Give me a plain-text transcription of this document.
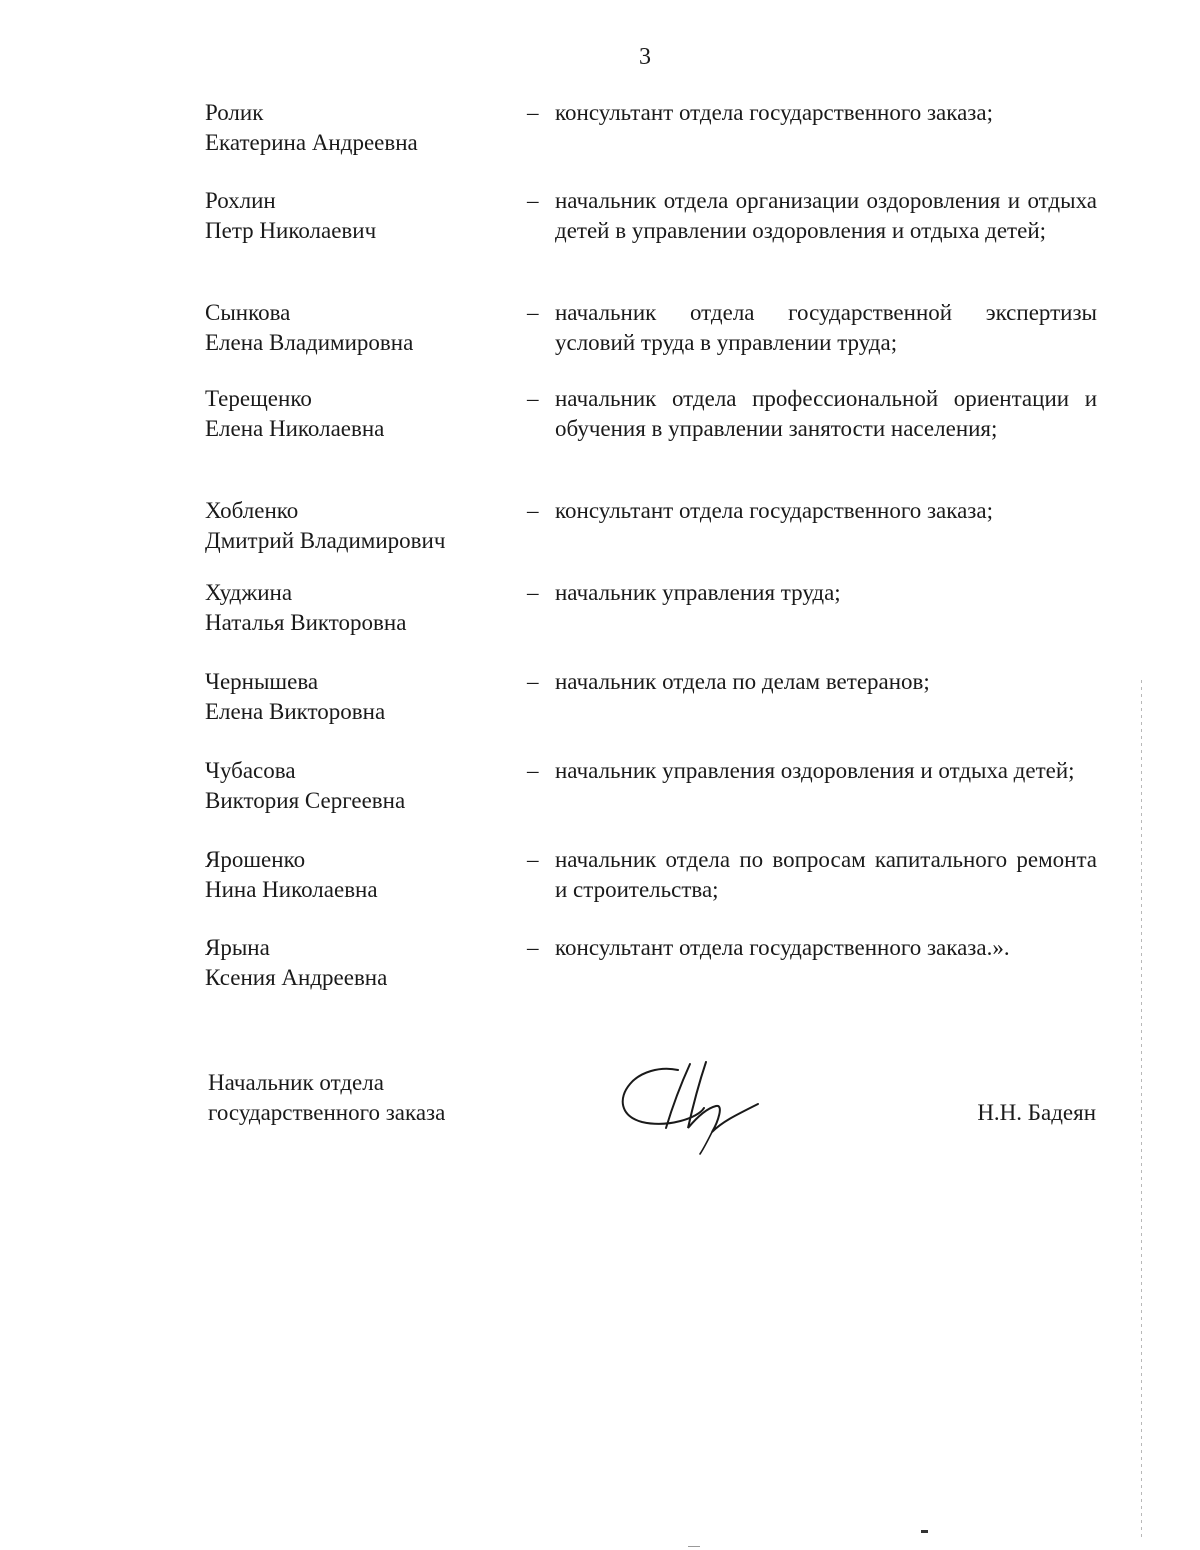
3
Ролик
Екатерина Андреевна
– консультант отдела государственного заказа;
Рохлин
Петр Николаевич
– начальник отдела организации оздоровления и отдыха детей в управлении оздоровления и отдыха детей;
Сынкова
Елена Владимировна
– начальник отдела государственной экспертизы условий труда в управлении труда;
Терещенко
Елена Николаевна
– начальник отдела профессиональной ориентации и обучения в управлении занятости населения;
Хобленко
Дмитрий Владимирович
– консультант отдела государственного заказа;
Худжина
Наталья Викторовна
– начальник управления труда;
Чернышева
Елена Викторовна
– начальник отдела по делам ветеранов;
Чубасова
Виктория Сергеевна
– начальник управления оздоровления и отдыха детей;
Ярошенко
Нина Николаевна
– начальник отдела по вопросам капитального ремонта и строительства;
Ярына
Ксения Андреевна
– консультант отдела государственного заказа.».
Начальник отдела
государственного заказа	Н.Н. Бадеян
